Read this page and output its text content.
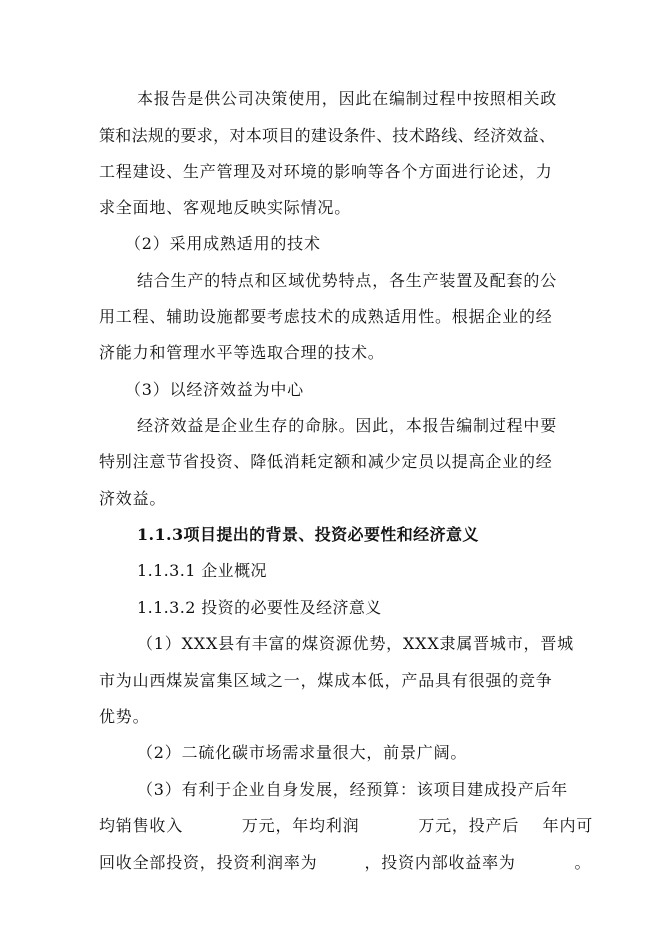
本报告是供公司决策使用，因此在编制过程中按照相关政
策和法规的要求，对本项目的建设条件、技术路线、经济效益、
工程建设、生产管理及对环境的影响等各个方面进行论述，力
求全面地、客观地反映实际情况。
（2）采用成熟适用的技术
结合生产的特点和区域优势特点，各生产装置及配套的公
用工程、辅助设施都要考虑技术的成熟适用性。根据企业的经
济能力和管理水平等选取合理的技术。
（3）以经济效益为中心
经济效益是企业生存的命脉。因此，本报告编制过程中要
特别注意节省投资、降低消耗定额和减少定员以提高企业的经
济效益。
1.1.3项目提出的背景、投资必要性和经济意义
1.1.3.1 企业概况
1.1.3.2 投资的必要性及经济意义
（1）XXX县有丰富的煤资源优势，XXX隶属晋城市，晋城
市为山西煤炭富集区域之一，煤成本低，产品具有很强的竞争
优势。
（2）二硫化碳市场需求量很大，前景广阔。
（3）有利于企业自身发展，经预算：该项目建成投产后年
均销售收入          万元，年均利润          万元，投产后    年内可
回收全部投资，投资利润率为        ，投资内部收益率为          。
